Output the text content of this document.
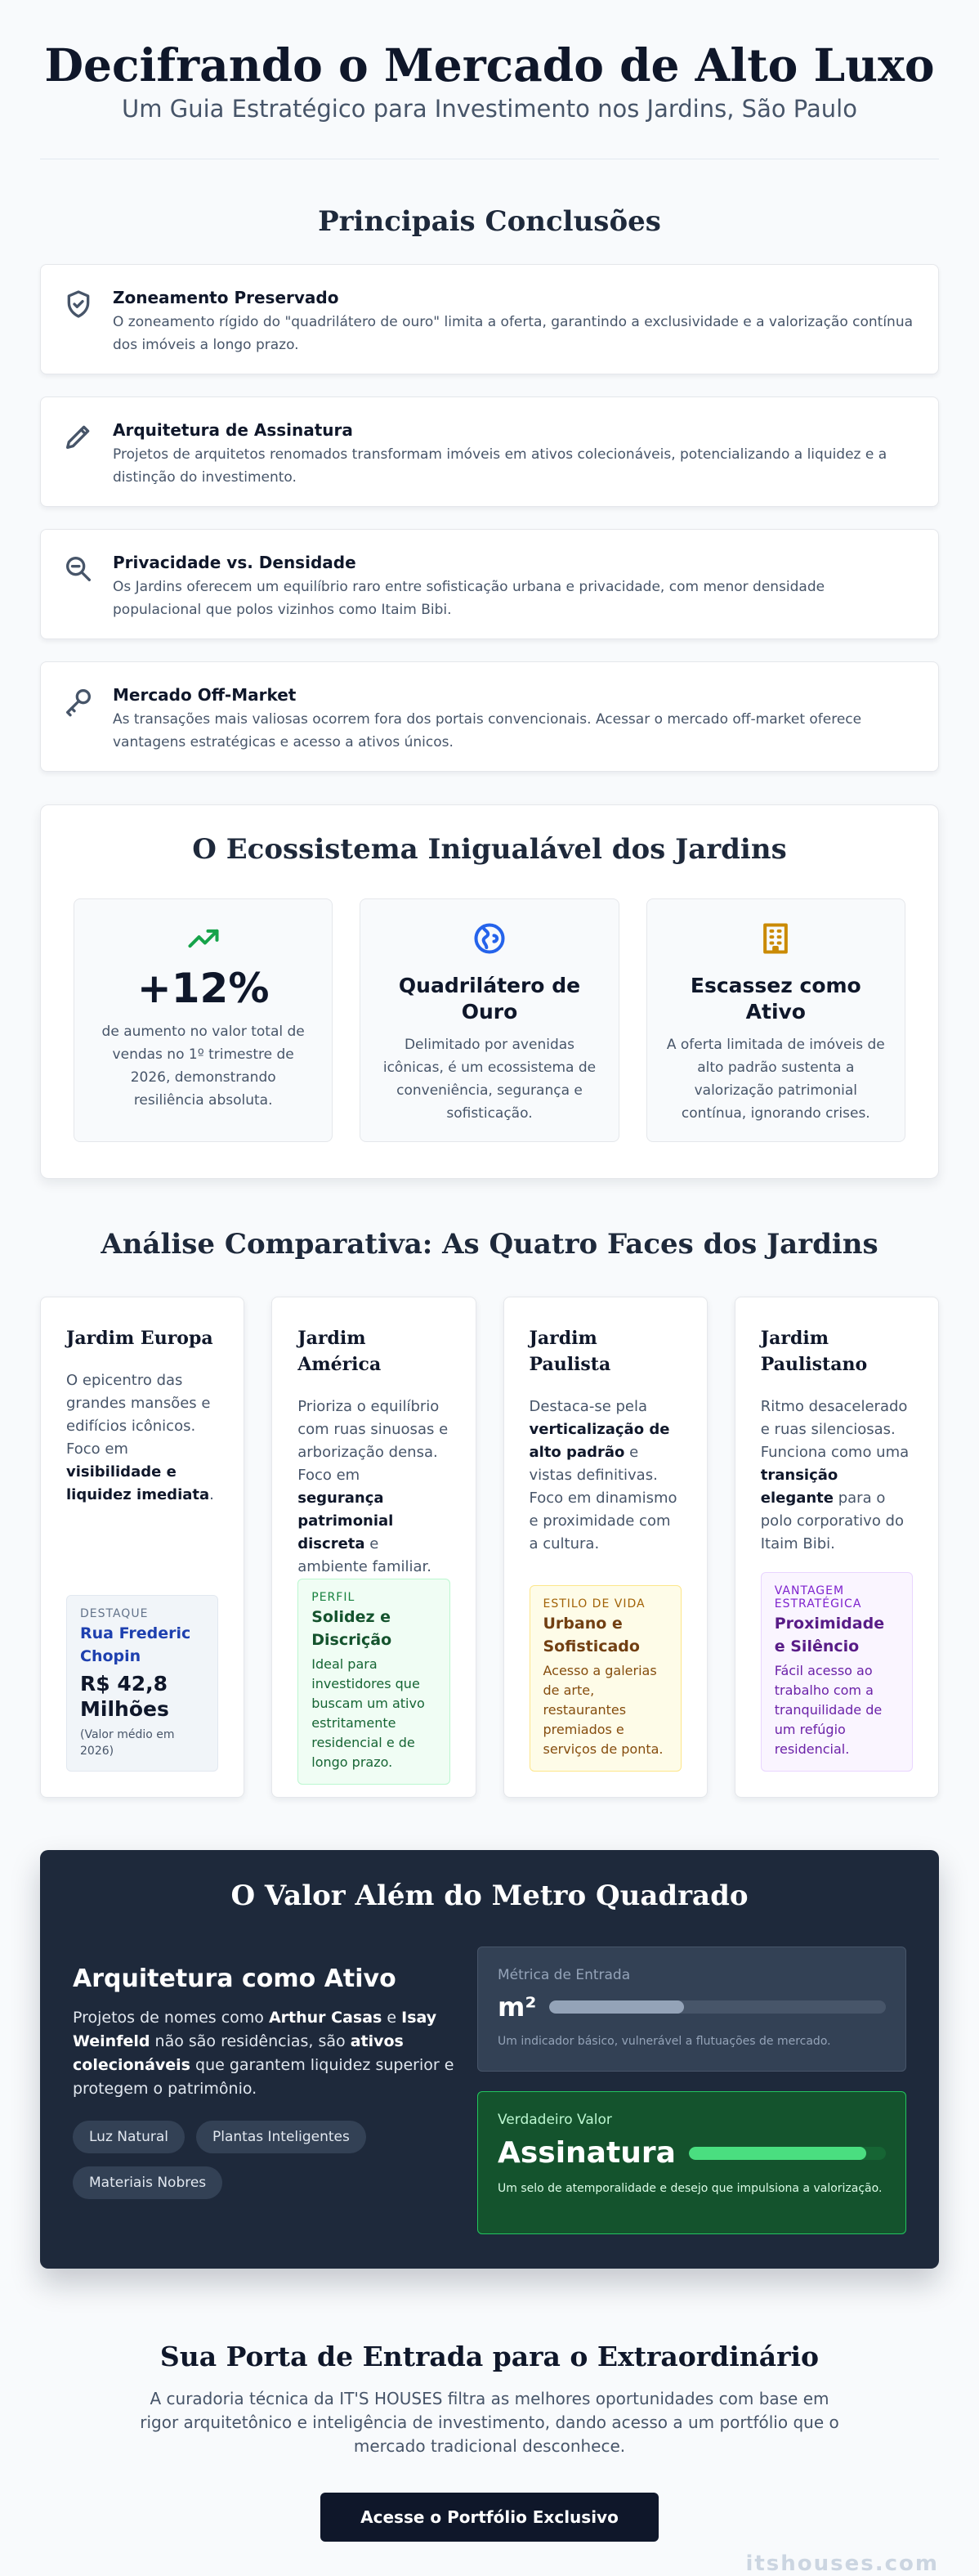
Decifrando o Mercado de Alto Luxo
Um Guia Estratégico para Investimento nos Jardins, São Paulo
Principais Conclusões
Zoneamento Preservado
O zoneamento rígido do "quadrilátero de ouro" limita a oferta, garantindo a exclusividade e a valorização contínua dos imóveis a longo prazo.
Arquitetura de Assinatura
Projetos de arquitetos renomados transformam imóveis em ativos colecionáveis, potencializando a liquidez e a distinção do investimento.
Privacidade vs. Densidade
Os Jardins oferecem um equilíbrio raro entre sofisticação urbana e privacidade, com menor densidade populacional que polos vizinhos como Itaim Bibi.
Mercado Off-Market
As transações mais valiosas ocorrem fora dos portais convencionais. Acessar o mercado off-market oferece vantagens estratégicas e acesso a ativos únicos.
O Ecossistema Inigualável dos Jardins
+12%
de aumento no valor total de vendas no 1º trimestre de 2026, demonstrando resiliência absoluta.
Quadrilátero de Ouro
Delimitado por avenidas icônicas, é um ecossistema de conveniência, segurança e sofisticação.
Escassez como Ativo
A oferta limitada de imóveis de alto padrão sustenta a valorização patrimonial contínua, ignorando crises.
Análise Comparativa: As Quatro Faces dos Jardins
Jardim Europa
O epicentro das grandes mansões e edifícios icônicos. Foco em visibilidade e liquidez imediata.
DESTAQUE
Rua Frederic Chopin
R$ 42,8 Milhões
(Valor médio em 2026)
Jardim América
Prioriza o equilíbrio com ruas sinuosas e arborização densa. Foco em segurança patrimonial discreta e ambiente familiar.
PERFIL
Solidez e Discrição
Ideal para investidores que buscam um ativo estritamente residencial e de longo prazo.
Jardim Paulista
Destaca-se pela verticalização de alto padrão e vistas definitivas. Foco em dinamismo e proximidade com a cultura.
ESTILO DE VIDA
Urbano e Sofisticado
Acesso a galerias de arte, restaurantes premiados e serviços de ponta.
Jardim Paulistano
Ritmo desacelerado e ruas silenciosas. Funciona como uma transição elegante para o polo corporativo do Itaim Bibi.
VANTAGEM ESTRATÉGICA
Proximidade e Silêncio
Fácil acesso ao trabalho com a tranquilidade de um refúgio residencial.
O Valor Além do Metro Quadrado
Arquitetura como Ativo
Projetos de nomes como Arthur Casas e Isay Weinfeld não são residências, são ativos colecionáveis que garantem liquidez superior e protegem o patrimônio.
Luz Natural	Plantas Inteligentes
Materiais Nobres
Métrica de Entrada
m²
Um indicador básico, vulnerável a flutuações de mercado.
Verdadeiro Valor
Assinatura
Um selo de atemporalidade e desejo que impulsiona a valorização.
Sua Porta de Entrada para o Extraordinário

A curadoria técnica da IT'S HOUSES filtra as melhores oportunidades com base em rigor arquitetônico e inteligência de investimento, dando acesso a um portfólio que o mercado tradicional desconhece.

Acesse o Portfólio Exclusivo
itshouses.com
